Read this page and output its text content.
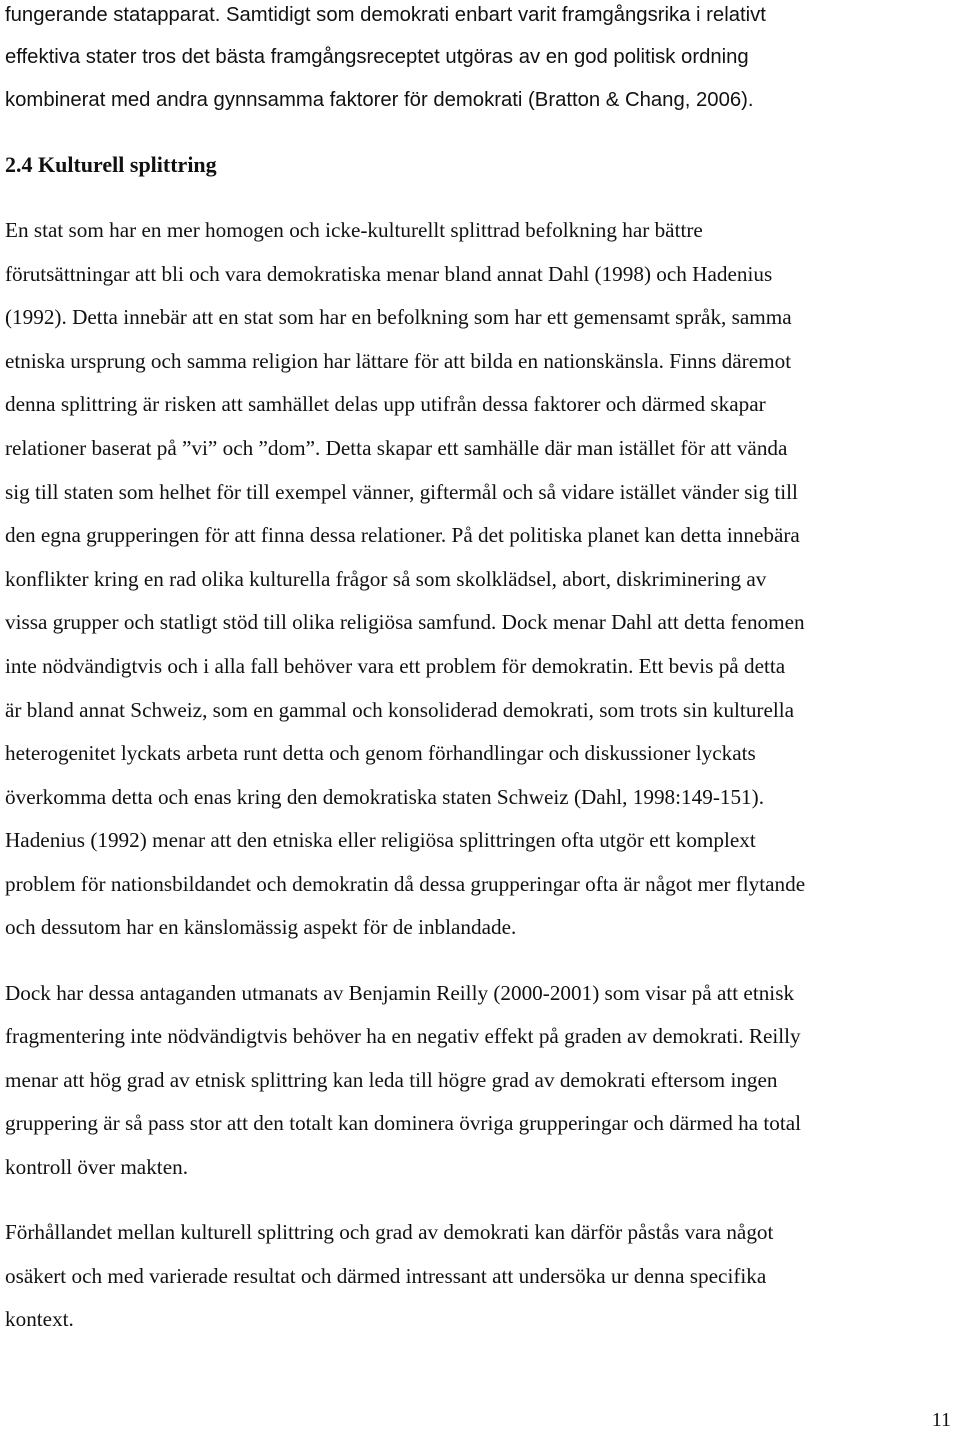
fungerande statapparat. Samtidigt som demokrati enbart varit framgångsrika i relativt

effektiva stater tros det bästa framgångsreceptet utgöras av en god politisk ordning

kombinerat med andra gynnsamma faktorer för demokrati (Bratton & Chang, 2006).

2.4 Kulturell splittring

En stat som har en mer homogen och icke-kulturellt splittrad befolkning har bättre

förutsättningar att bli och vara demokratiska menar bland annat Dahl (1998) och Hadenius

(1992). Detta innebär att en stat som har en befolkning som har ett gemensamt språk, samma

etniska ursprung och samma religion har lättare för att bilda en nationskänsla. Finns däremot

denna splittring är risken att samhället delas upp utifrån dessa faktorer och därmed skapar

relationer baserat på ”vi” och ”dom”. Detta skapar ett samhälle där man istället för att vända

sig till staten som helhet för till exempel vänner, giftermål och så vidare istället vänder sig till

den egna grupperingen för att finna dessa relationer. På det politiska planet kan detta innebära

konflikter kring en rad olika kulturella frågor så som skolklädsel, abort, diskriminering av

vissa grupper och statligt stöd till olika religiösa samfund. Dock menar Dahl att detta fenomen

inte nödvändigtvis och i alla fall behöver vara ett problem för demokratin. Ett bevis på detta

är bland annat Schweiz, som en gammal och konsoliderad demokrati, som trots sin kulturella

heterogenitet lyckats arbeta runt detta och genom förhandlingar och diskussioner lyckats

överkomma detta och enas kring den demokratiska staten Schweiz (Dahl, 1998:149-151).

Hadenius (1992) menar att den etniska eller religiösa splittringen ofta utgör ett komplext

problem för nationsbildandet och demokratin då dessa grupperingar ofta är något mer flytande

och dessutom har en känslomässig aspekt för de inblandade.

Dock har dessa antaganden utmanats av Benjamin Reilly (2000-2001) som visar på att etnisk

fragmentering inte nödvändigtvis behöver ha en negativ effekt på graden av demokrati. Reilly

menar att hög grad av etnisk splittring kan leda till högre grad av demokrati eftersom ingen

gruppering är så pass stor att den totalt kan dominera övriga grupperingar och därmed ha total

kontroll över makten.

Förhållandet mellan kulturell splittring och grad av demokrati kan därför påstås vara något

osäkert och med varierade resultat och därmed intressant att undersöka ur denna specifika

kontext.

11
